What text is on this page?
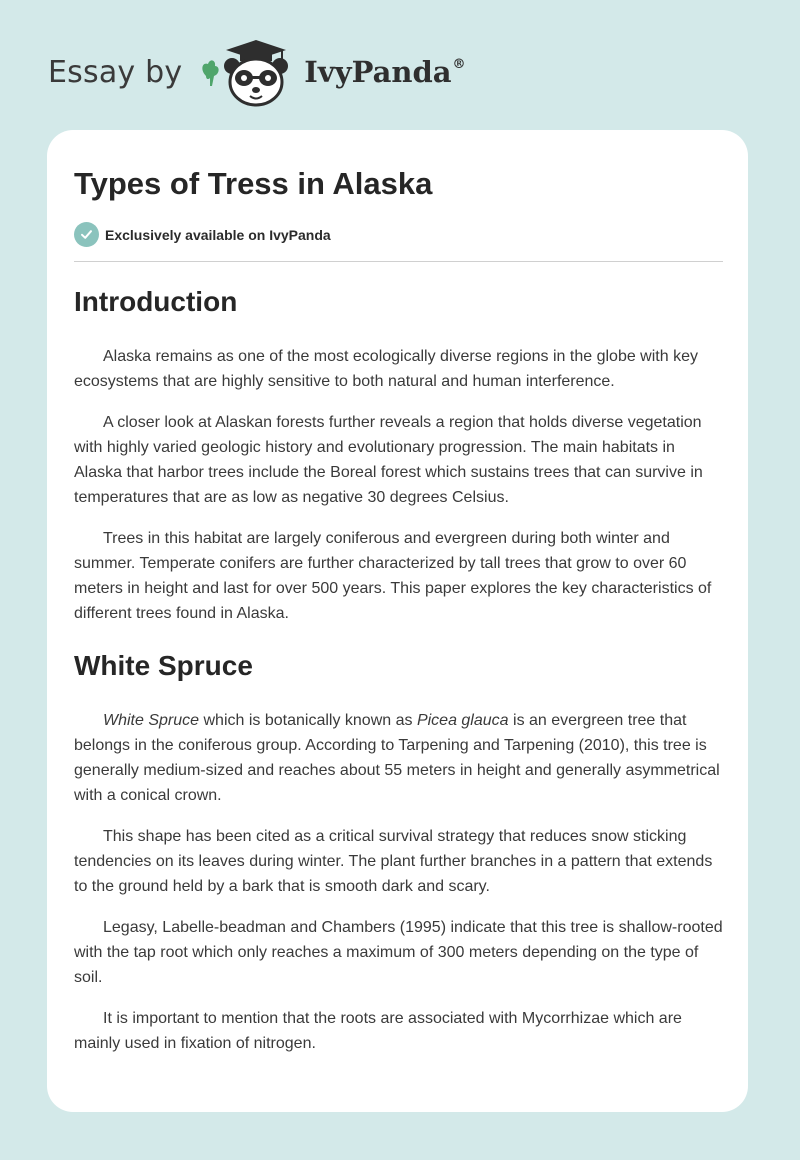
Essay by	IvyPanda®
Types of Tress in Alaska
Exclusively available on IvyPanda
Introduction

Alaska remains as one of the most ecologically diverse regions in the globe with key ecosystems that are highly sensitive to both natural and human interference.

A closer look at Alaskan forests further reveals a region that holds diverse vegetation with highly varied geologic history and evolutionary progression. The main habitats in Alaska that harbor trees include the Boreal forest which sustains trees that can survive in temperatures that are as low as negative 30 degrees Celsius.

Trees in this habitat are largely coniferous and evergreen during both winter and summer. Temperate conifers are further characterized by tall trees that grow to over 60 meters in height and last for over 500 years. This paper explores the key characteristics of different trees found in Alaska.

White Spruce

White Spruce which is botanically known as Picea glauca is an evergreen tree that belongs in the coniferous group. According to Tarpening and Tarpening (2010), this tree is generally medium-sized and reaches about 55 meters in height and generally asymmetrical with a conical crown.

This shape has been cited as a critical survival strategy that reduces snow sticking tendencies on its leaves during winter. The plant further branches in a pattern that extends to the ground held by a bark that is smooth dark and scary.

Legasy, Labelle-beadman and Chambers (1995) indicate that this tree is shallow-rooted with the tap root which only reaches a maximum of 300 meters depending on the type of soil.

It is important to mention that the roots are associated with Mycorrhizae which are mainly used in fixation of nitrogen.
